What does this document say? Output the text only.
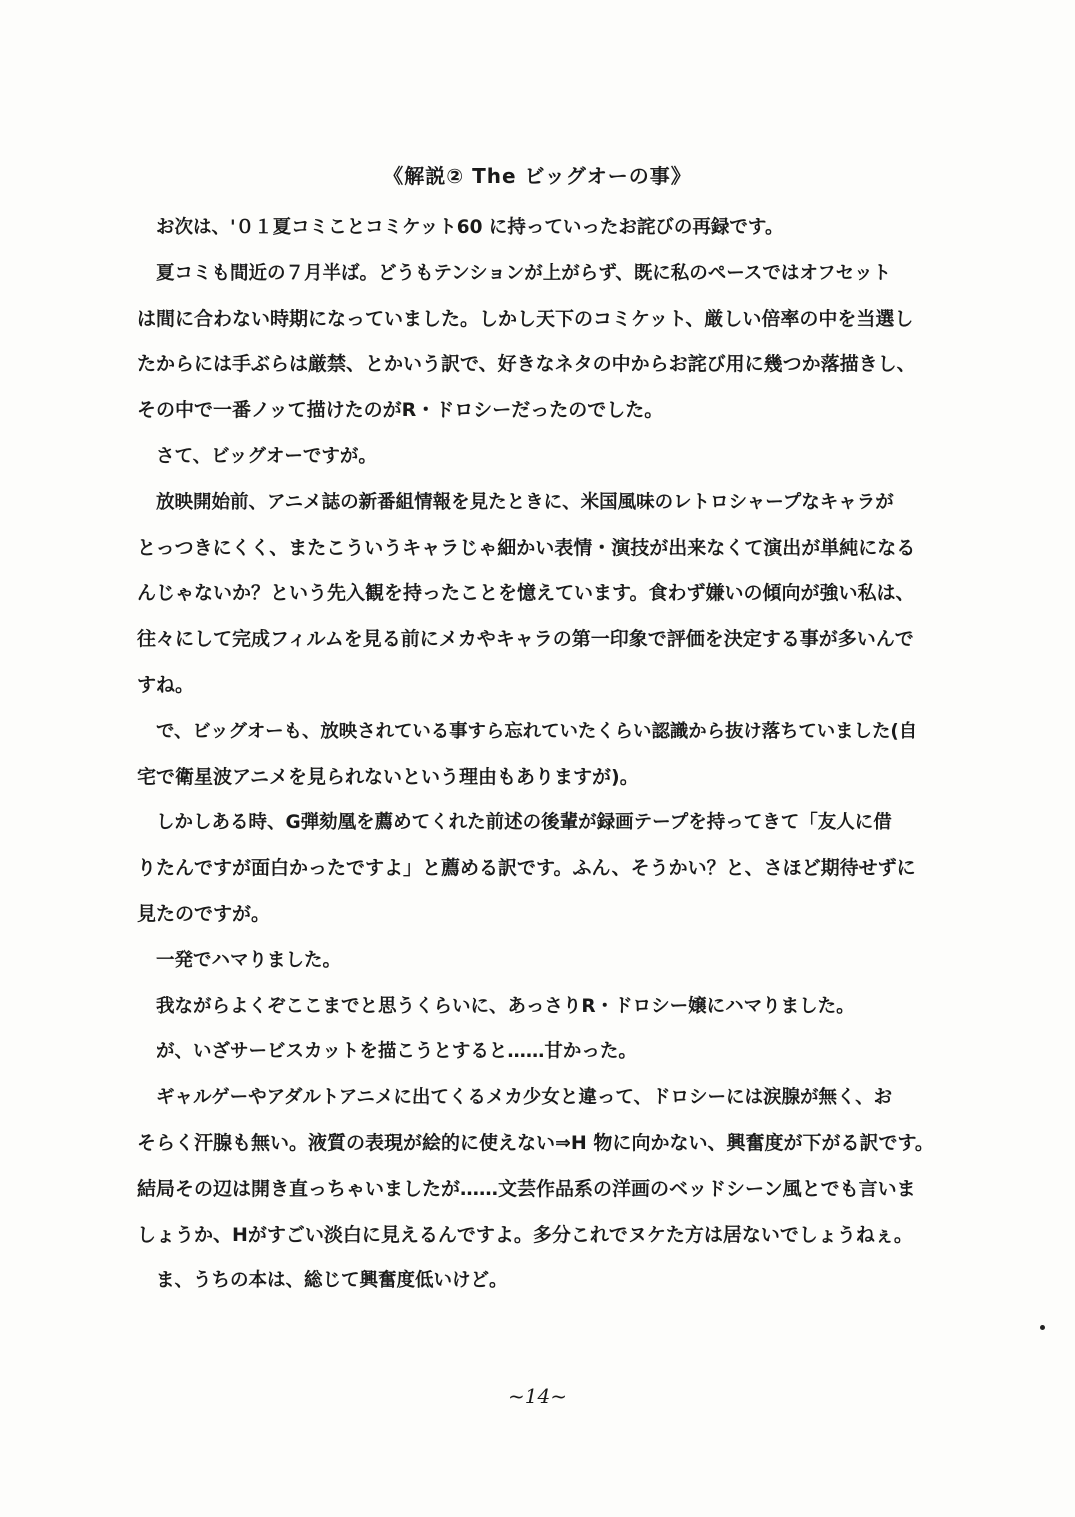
《解説② The ビッグオーの事》
お次は、'０１夏コミことコミケット60 に持っていったお詫びの再録です。
夏コミも間近の７月半ば。どうもテンションが上がらず、既に私のペースではオフセット
は間に合わない時期になっていました。しかし天下のコミケット、厳しい倍率の中を当選し
たからには手ぶらは厳禁、とかいう訳で、好きなネタの中からお詫び用に幾つか落描きし、
その中で一番ノッて描けたのがR・ドロシーだったのでした。
さて、ビッグオーですが。
放映開始前、アニメ誌の新番組情報を見たときに、米国風味のレトロシャープなキャラが
とっつきにくく、またこういうキャラじゃ細かい表情・演技が出来なくて演出が単純になる
んじゃないか？という先入観を持ったことを憶えています。食わず嫌いの傾向が強い私は、
往々にして完成フィルムを見る前にメカやキャラの第一印象で評価を決定する事が多いんで
すね。
で、ビッグオーも、放映されている事すら忘れていたくらい認識から抜け落ちていました(自
宅で衛星波アニメを見られないという理由もありますが)。
しかしある時、G弾劾凰を薦めてくれた前述の後輩が録画テープを持ってきて「友人に借
りたんですが面白かったですよ」と薦める訳です。ふん、そうかい？と、さほど期待せずに
見たのですが。
一発でハマりました。
我ながらよくぞここまでと思うくらいに、あっさりR・ドロシー嬢にハマりました。
が、いざサービスカットを描こうとすると……甘かった。
ギャルゲーやアダルトアニメに出てくるメカ少女と違って、ドロシーには涙腺が無く、お
そらく汗腺も無い。液質の表現が絵的に使えない⇒H 物に向かない、興奮度が下がる訳です。
結局その辺は開き直っちゃいましたが……文芸作品系の洋画のベッドシーン風とでも言いま
しょうか、Hがすごい淡白に見えるんですよ。多分これでヌケた方は居ないでしょうねぇ。
ま、うちの本は、総じて興奮度低いけど。
~14~
